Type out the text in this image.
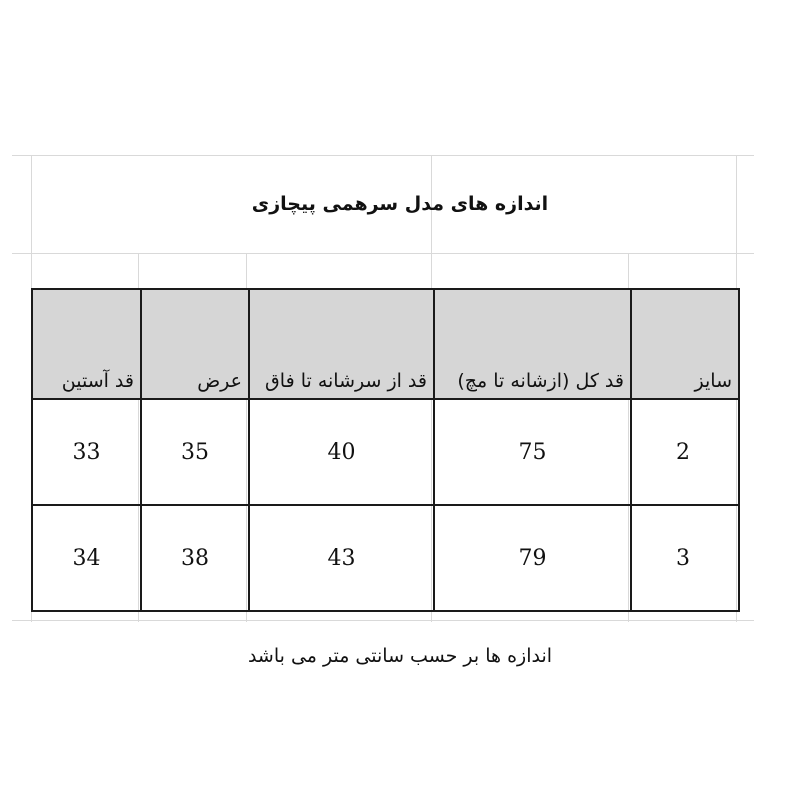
اندازه های مدل سرهمی پیچازی
سایز	قد کل (ازشانه تا مچ)	قد از سرشانه تا فاق	عرض	قد آستین
2	75	40	35	33
3	79	43	38	34
اندازه ها بر حسب سانتی متر می باشد
